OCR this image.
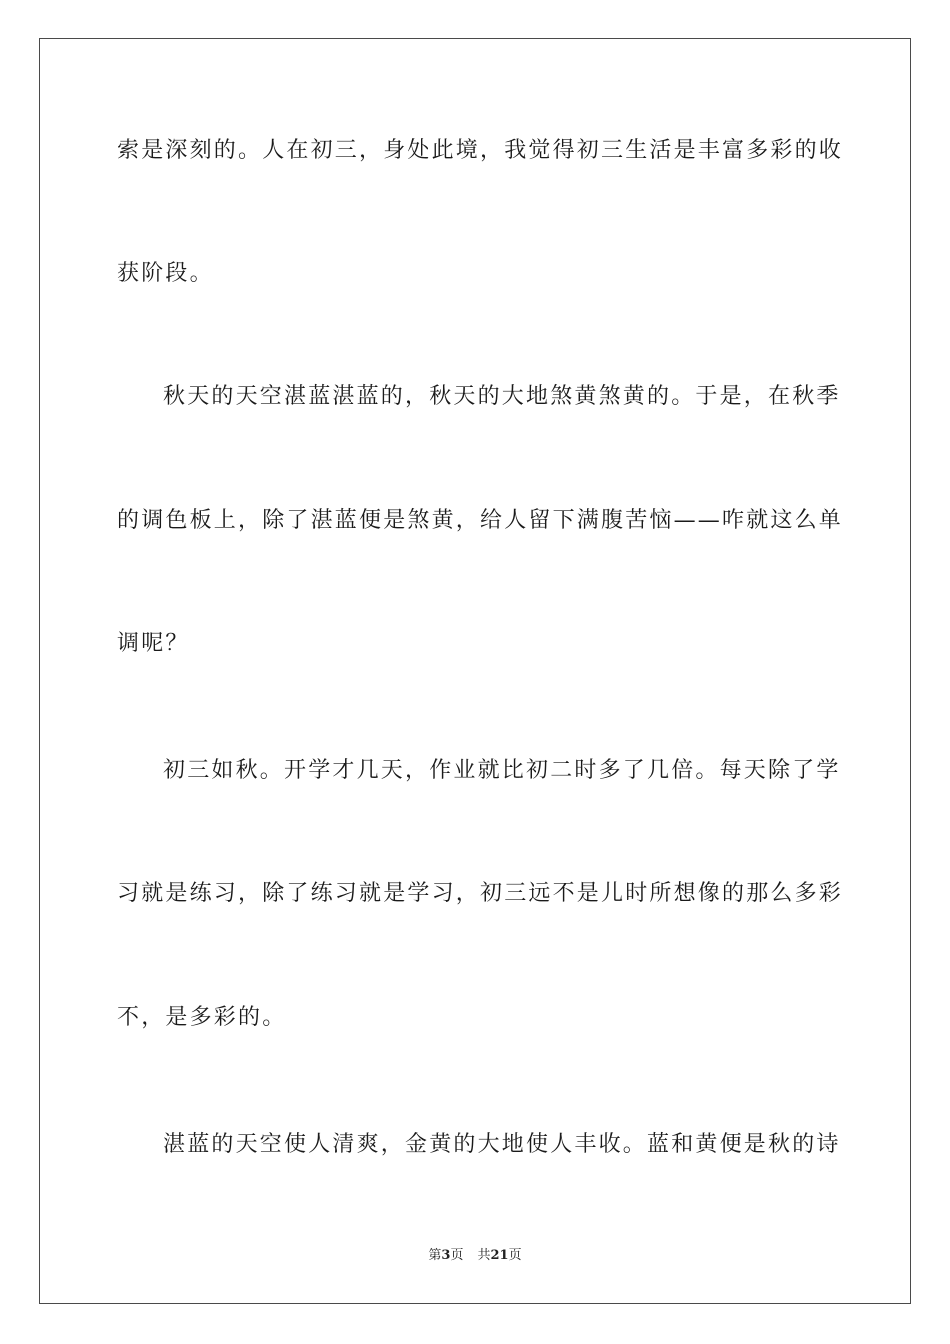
索是深刻的。人在初三，身处此境，我觉得初三生活是丰富多彩的收
获阶段。
秋天的天空湛蓝湛蓝的，秋天的大地煞黄煞黄的。于是，在秋季
的调色板上，除了湛蓝便是煞黄，给人留下满腹苦恼——咋就这么单
调呢？
初三如秋。开学才几天，作业就比初二时多了几倍。每天除了学
习就是练习，除了练习就是学习，初三远不是儿时所想像的那么多彩
不，是多彩的。
湛蓝的天空使人清爽，金黄的大地使人丰收。蓝和黄便是秋的诗
第3页 共21页
